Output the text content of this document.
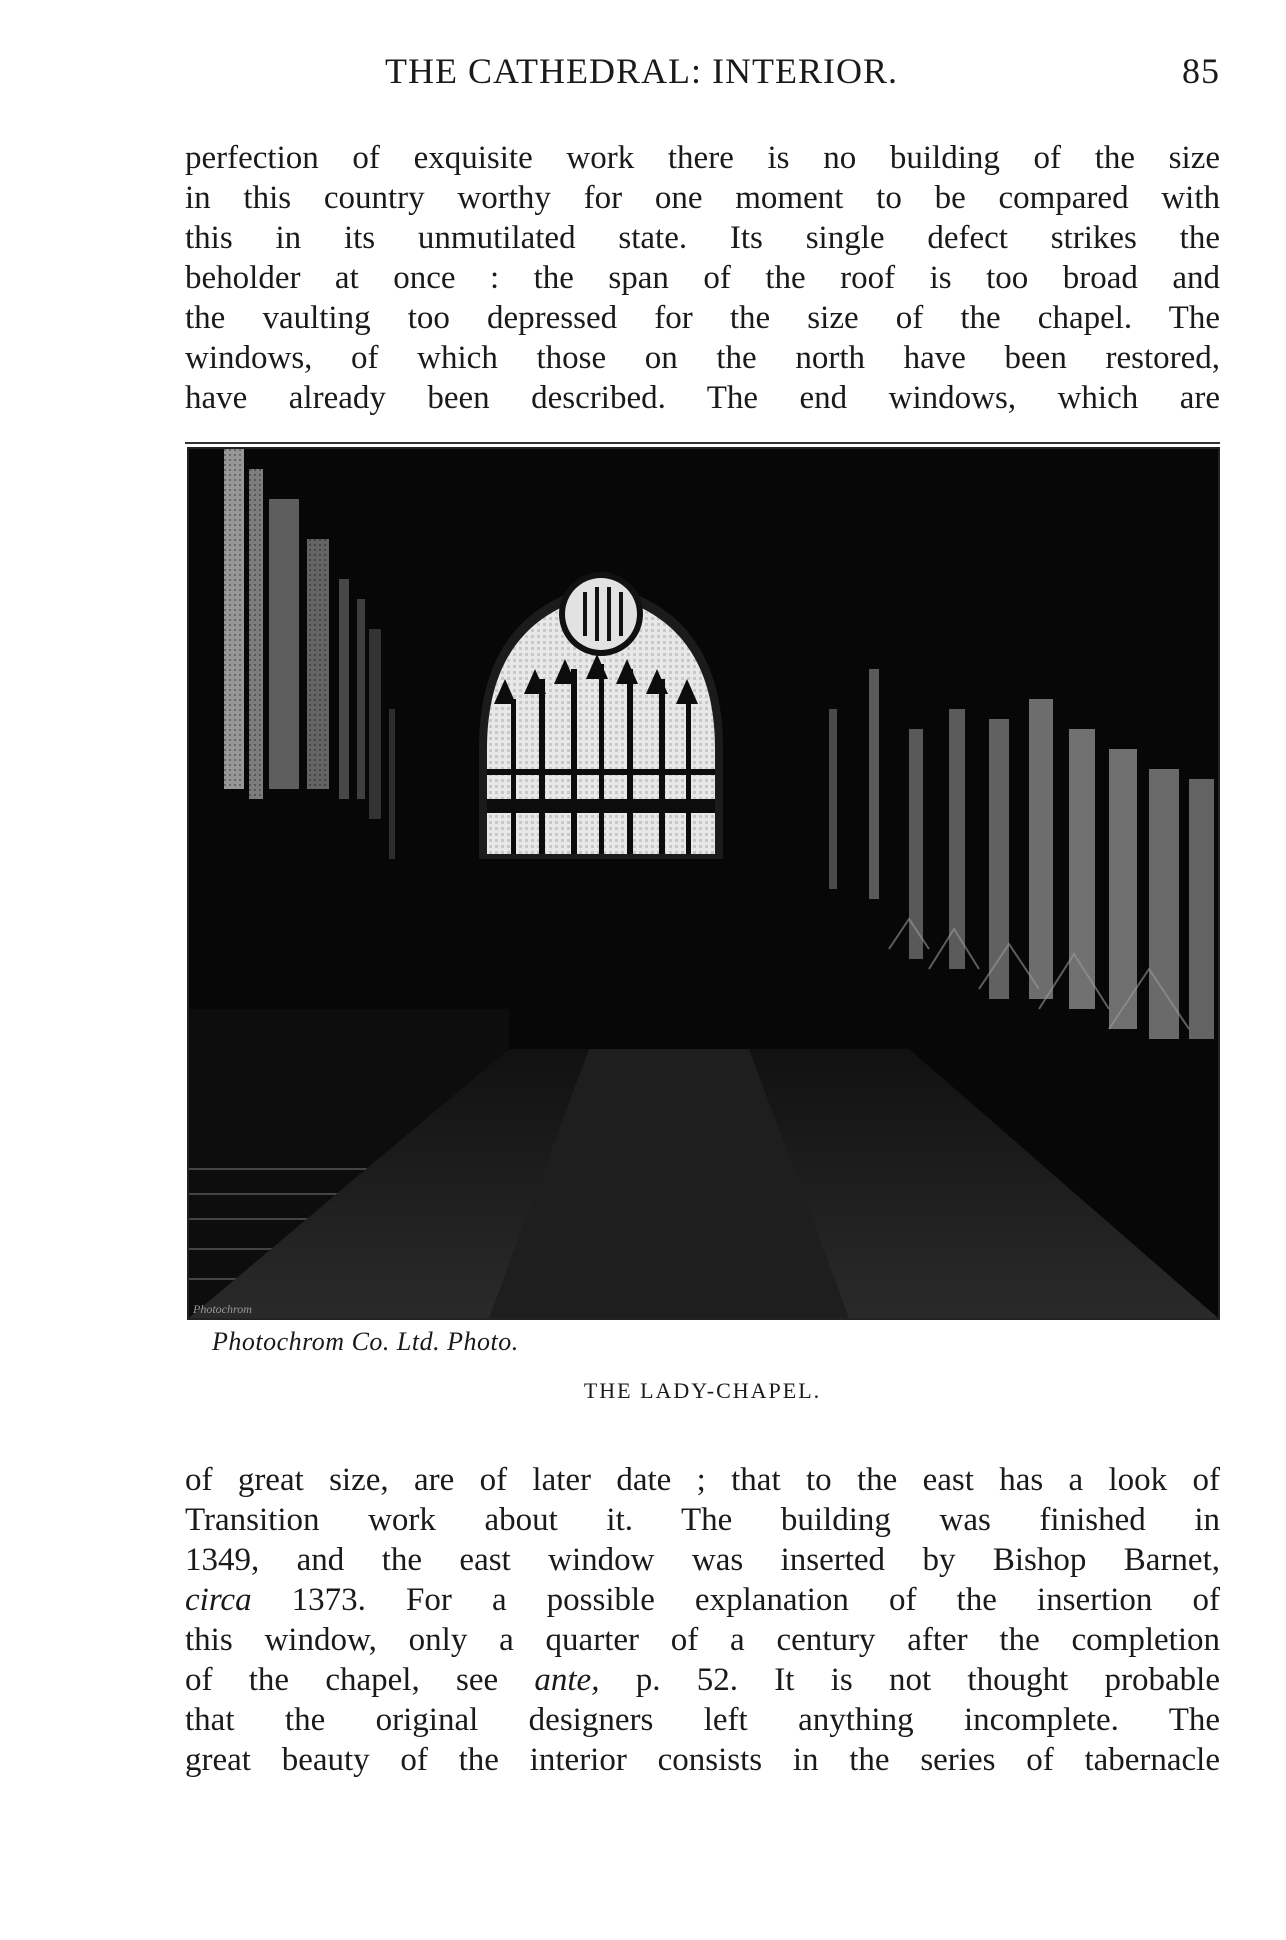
THE CATHEDRAL: INTERIOR.	85
perfection of exquisite work there is no building of the size
in this country worthy for one moment to be compared with
this in its unmutilated state. Its single defect strikes the
beholder at once : the span of the roof is too broad and
the vaulting too depressed for the size of the chapel. The
windows, of which those on the north have been restored,
have already been described. The end windows, which are
Photochrom
Photochrom Co. Ltd. Photo.
THE LADY-CHAPEL.
of great size, are of later date ; that to the east has a look of
Transition work about it. The building was finished in
1349, and the east window was inserted by Bishop Barnet,
circa 1373. For a possible explanation of the insertion of
this window, only a quarter of a century after the completion
of the chapel, see ante, p. 52. It is not thought probable
that the original designers left anything incomplete. The
great beauty of the interior consists in the series of tabernacle
